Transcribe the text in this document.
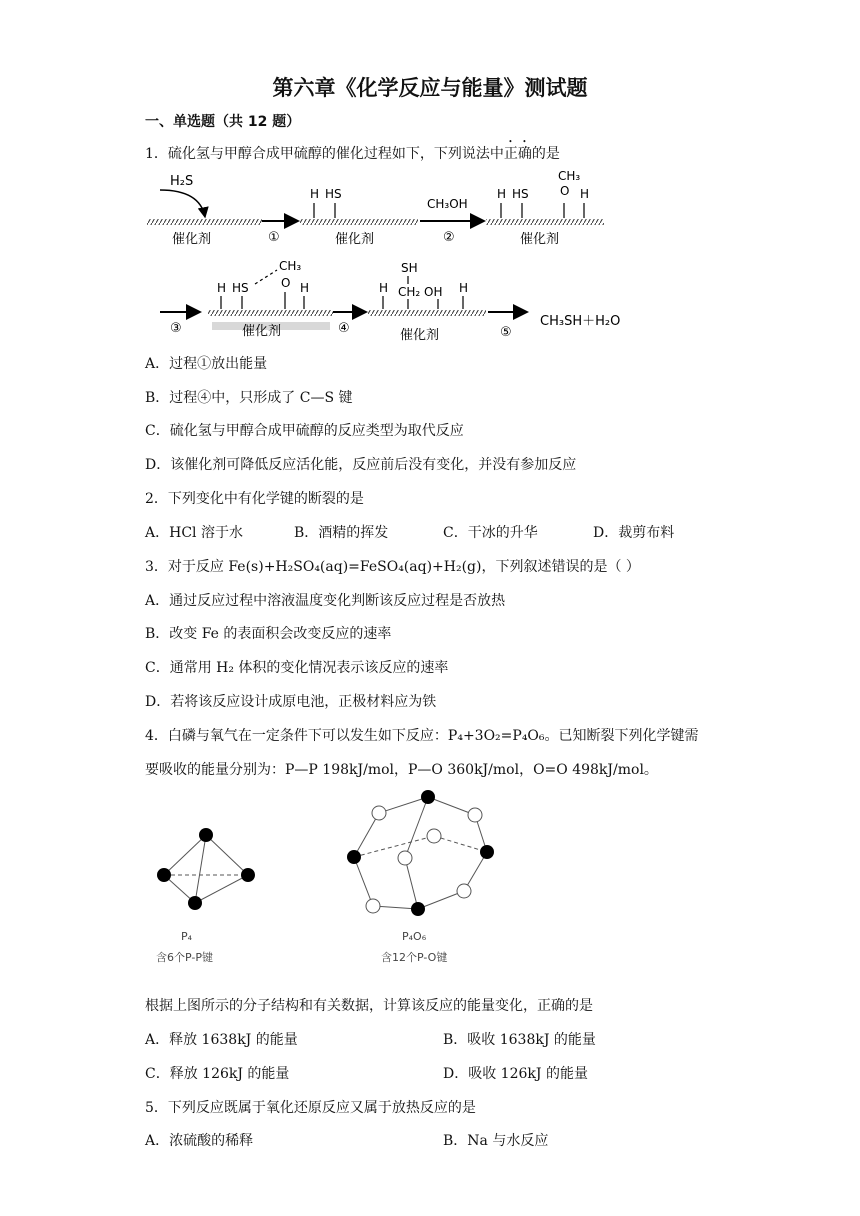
第六章《化学反应与能量》测试题
一、单选题（共 12 题）
1．硫化氢与甲醇合成甲硫醇的催化过程如下，下列说法中正确的是
H₂S
催化剂	①
H HS
催化剂
CH₃OH
②
H HS
CH₃
O H
催化剂
③
H HS
CH₃
O H
催化剂	④
H
SH
CH₂ OH H
催化剂	⑤
CH₃SH＋H₂O
A．过程①放出能量
B．过程④中，只形成了 C—S 键
C．硫化氢与甲醇合成甲硫醇的反应类型为取代反应
D．该催化剂可降低反应活化能，反应前后没有变化，并没有参加反应
2．下列变化中有化学键的断裂的是
A．HCl 溶于水	B．酒精的挥发	C．干冰的升华	D．裁剪布料
3．对于反应 Fe(s)+H₂SO₄(aq)=FeSO₄(aq)+H₂(g)，下列叙述错误的是（ ）
A．通过反应过程中溶液温度变化判断该反应过程是否放热
B．改变 Fe 的表面积会改变反应的速率
C．通常用 H₂ 体积的变化情况表示该反应的速率
D．若将该反应设计成原电池，正极材料应为铁
4．白磷与氧气在一定条件下可以发生如下反应：P₄+3O₂=P₄O₆。已知断裂下列化学键需
要吸收的能量分别为：P—P 198kJ/mol，P—O 360kJ/mol，O=O 498kJ/mol。
P₄
含6个P-P键
P₄O₆
含12个P-O键
根据上图所示的分子结构和有关数据，计算该反应的能量变化，正确的是
A．释放 1638kJ 的能量	B．吸收 1638kJ 的能量
C．释放 126kJ 的能量	D．吸收 126kJ 的能量
5．下列反应既属于氧化还原反应又属于放热反应的是
A．浓硫酸的稀释	B．Na 与水反应
